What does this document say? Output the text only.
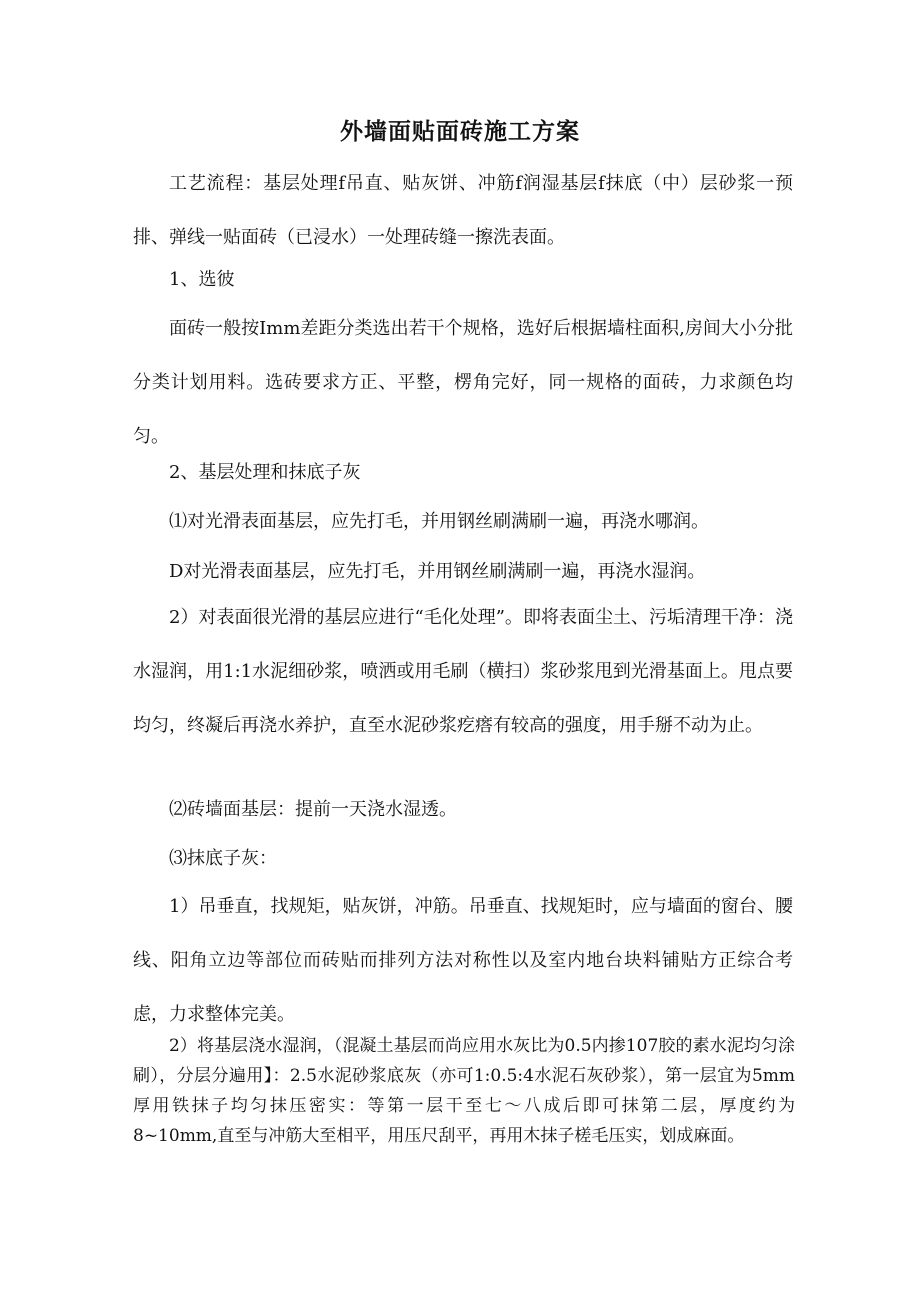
外墙面贴面砖施工方案

工艺流程：基层处理f吊直、贴灰饼、冲筋f润湿基层f抹底（中）层砂浆一预排、弹线一贴面砖（已浸水）一处理砖缝一擦洗表面。

1、选彼

面砖一般按Imm差距分类选出若干个规格，选好后根据墙柱面积,房间大小分批分类计划用料。选砖要求方正、平整，楞角完好，同一规格的面砖，力求颜色均匀。

2、基层处理和抹底子灰

⑴对光滑表面基层，应先打毛，并用钢丝刷满刷一遍，再浇水哪润。

D对光滑表面基层，应先打毛，并用钢丝刷满刷一遍，再浇水湿润。

2）对表面很光滑的基层应进行“毛化处理”。即将表面尘土、污垢清理干净：浇水湿润，用1:1水泥细砂浆，喷洒或用毛刷（横扫）浆砂浆甩到光滑基面上。甩点要均匀，终凝后再浇水养护，直至水泥砂浆疙瘩有较高的强度，用手掰不动为止。

⑵砖墙面基层：提前一天浇水湿透。

⑶抹底子灰：

1）吊垂直，找规矩，贴灰饼，冲筋。吊垂直、找规矩时，应与墙面的窗台、腰线、阳角立边等部位而砖贴而排列方法对称性以及室内地台块料铺贴方正综合考虑，力求整体完美。

2）将基层浇水湿润，（混凝土基层而尚应用水灰比为0.5内掺107胶的素水泥均匀涂刷），分层分遍用】：2.5水泥砂浆底灰（亦可1:0.5:4水泥石灰砂浆），第一层宜为5mm厚用铁抹子均匀抹压密实：等第一层干至七～八成后即可抹第二层，厚度约为8~10mm,直至与冲筋大至相平，用压尺刮平，再用木抹子槎毛压实，划成麻面。
